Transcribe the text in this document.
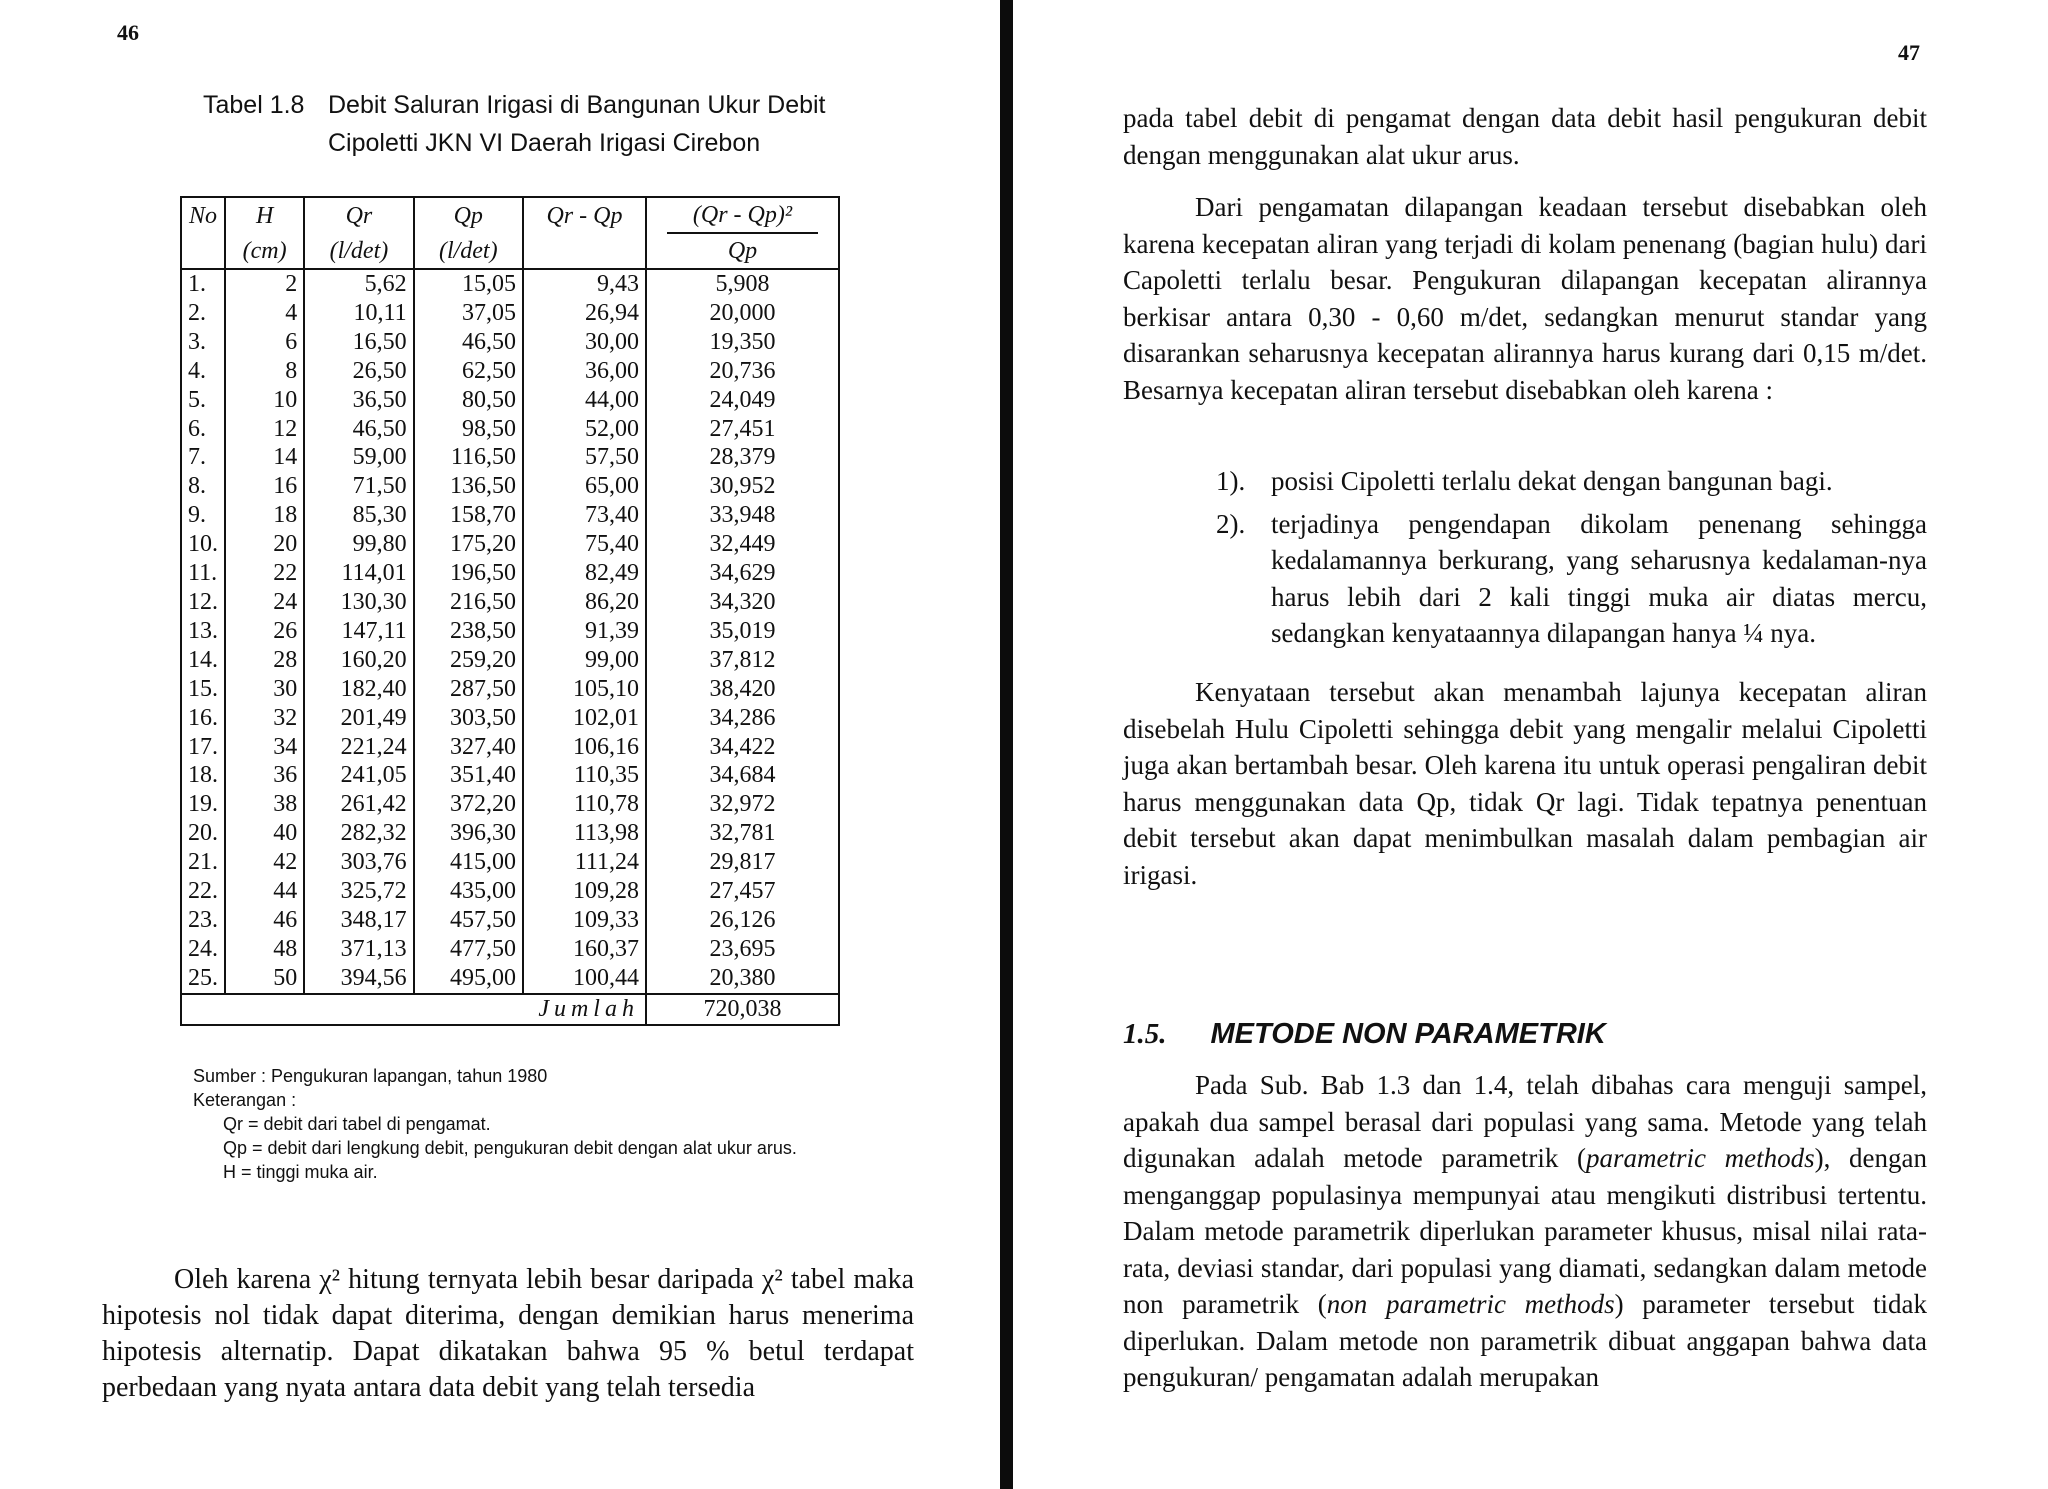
46
Tabel 1.8 Debit Saluran Irigasi di Bangunan Ukur Debit Cipoletti JKN VI Daerah Irigasi Cirebon
No	H	Qr	Qp	Qr - Qp	(Qr - Qp)²

	(cm)	(l/det)	(l/det)		Qp
1.	2	5,62	15,05	9,43	5,908
2.	4	10,11	37,05	26,94	20,000
3.	6	16,50	46,50	30,00	19,350
4.	8	26,50	62,50	36,00	20,736
5.	10	36,50	80,50	44,00	24,049
6.	12	46,50	98,50	52,00	27,451
7.	14	59,00	116,50	57,50	28,379
8.	16	71,50	136,50	65,00	30,952
9.	18	85,30	158,70	73,40	33,948
10.	20	99,80	175,20	75,40	32,449
11.	22	114,01	196,50	82,49	34,629
12.	24	130,30	216,50	86,20	34,320
13.	26	147,11	238,50	91,39	35,019
14.	28	160,20	259,20	99,00	37,812
15.	30	182,40	287,50	105,10	38,420
16.	32	201,49	303,50	102,01	34,286
17.	34	221,24	327,40	106,16	34,422
18.	36	241,05	351,40	110,35	34,684
19.	38	261,42	372,20	110,78	32,972
20.	40	282,32	396,30	113,98	32,781
21.	42	303,76	415,00	111,24	29,817
22.	44	325,72	435,00	109,28	27,457
23.	46	348,17	457,50	109,33	26,126
24.	48	371,13	477,50	160,37	23,695
25.	50	394,56	495,00	100,44	20,380
Jumlah					720,038
Sumber : Pengukuran lapangan, tahun 1980
Keterangan :
Qr = debit dari tabel di pengamat.
Qp = debit dari lengkung debit, pengukuran debit dengan alat ukur arus.
H = tinggi muka air.

Oleh karena χ² hitung ternyata lebih besar daripada χ² tabel maka hipotesis nol tidak dapat diterima, dengan demikian harus menerima hipotesis alternatip. Dapat dikatakan bahwa 95 % betul terdapat perbedaan yang nyata antara data debit yang telah tersedia

47

pada tabel debit di pengamat dengan data debit hasil pengukuran debit dengan menggunakan alat ukur arus.

Dari pengamatan dilapangan keadaan tersebut disebabkan oleh karena kecepatan aliran yang terjadi di kolam penenang (bagian hulu) dari Capoletti terlalu besar. Pengukuran dilapangan kecepatan alirannya berkisar antara 0,30 - 0,60 m/det, sedangkan menurut standar yang disarankan seharusnya kecepatan alirannya harus kurang dari 0,15 m/det. Besarnya kecepatan aliran tersebut disebabkan oleh karena :

1). posisi Cipoletti terlalu dekat dengan bangunan bagi.
2). terjadinya pengendapan dikolam penenang sehingga kedalamannya berkurang, yang seharusnya kedalaman-nya harus lebih dari 2 kali tinggi muka air diatas mercu, sedangkan kenyataannya dilapangan hanya ¼ nya.

Kenyataan tersebut akan menambah lajunya kecepatan aliran disebelah Hulu Cipoletti sehingga debit yang mengalir melalui Cipoletti juga akan bertambah besar. Oleh karena itu untuk operasi pengaliran debit harus menggunakan data Qp, tidak Qr lagi. Tidak tepatnya penentuan debit tersebut akan dapat menimbulkan masalah dalam pembagian air irigasi.

1.5. METODE NON PARAMETRIK

Pada Sub. Bab 1.3 dan 1.4, telah dibahas cara menguji sampel, apakah dua sampel berasal dari populasi yang sama. Metode yang telah digunakan adalah metode parametrik (parametric methods), dengan menganggap populasinya mempunyai atau mengikuti distribusi tertentu. Dalam metode parametrik diperlukan parameter khusus, misal nilai rata-rata, deviasi standar, dari populasi yang diamati, sedangkan dalam metode non parametrik (non parametric methods) parameter tersebut tidak diperlukan. Dalam metode non parametrik dibuat anggapan bahwa data pengukuran/ pengamatan adalah merupakan
